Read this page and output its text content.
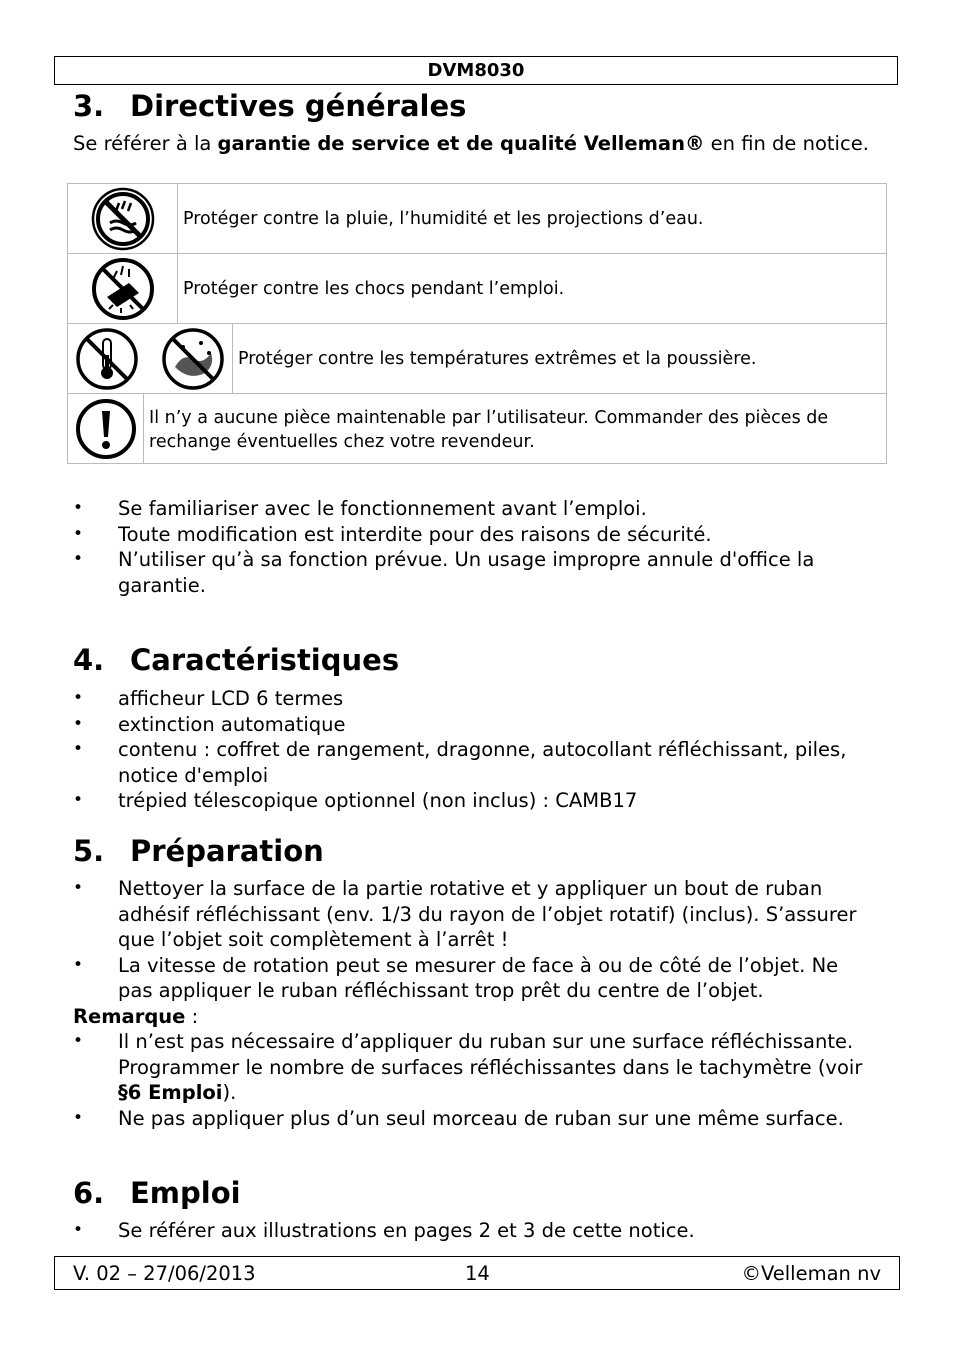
DVM8030
3. Directives générales

Se référer à la garantie de service et de qualité Velleman® en fin de notice.

Protéger contre la pluie, l’humidité et les projections d’eau.
Protéger contre les chocs pendant l’emploi.
Protéger contre les températures extrêmes et la poussière.
Il n’y a aucune pièce maintenable par l’utilisateur. Commander des pièces de rechange éventuelles chez votre revendeur.
• Se familiariser avec le fonctionnement avant l’emploi.
• Toute modification est interdite pour des raisons de sécurité.
• N’utiliser qu’à sa fonction prévue. Un usage impropre annule d'office la garantie.
4. Caractéristiques
• afficheur LCD 6 termes
• extinction automatique
• contenu : coffret de rangement, dragonne, autocollant réfléchissant, piles, notice d'emploi
• trépied télescopique optionnel (non inclus) : CAMB17
5. Préparation
• Nettoyer la surface de la partie rotative et y appliquer un bout de ruban adhésif réfléchissant (env. 1/3 du rayon de l’objet rotatif) (inclus). S’assurer que l’objet soit complètement à l’arrêt !
• La vitesse de rotation peut se mesurer de face à ou de côté de l’objet. Ne pas appliquer le ruban réfléchissant trop prêt du centre de l’objet.

Remarque :

• Il n’est pas nécessaire d’appliquer du ruban sur une surface réfléchissante. Programmer le nombre de surfaces réfléchissantes dans le tachymètre (voir §6 Emploi).
• Ne pas appliquer plus d’un seul morceau de ruban sur une même surface.
6. Emploi
• Se référer aux illustrations en pages 2 et 3 de cette notice.
V. 02 – 27/06/2013	14	©Velleman nv
